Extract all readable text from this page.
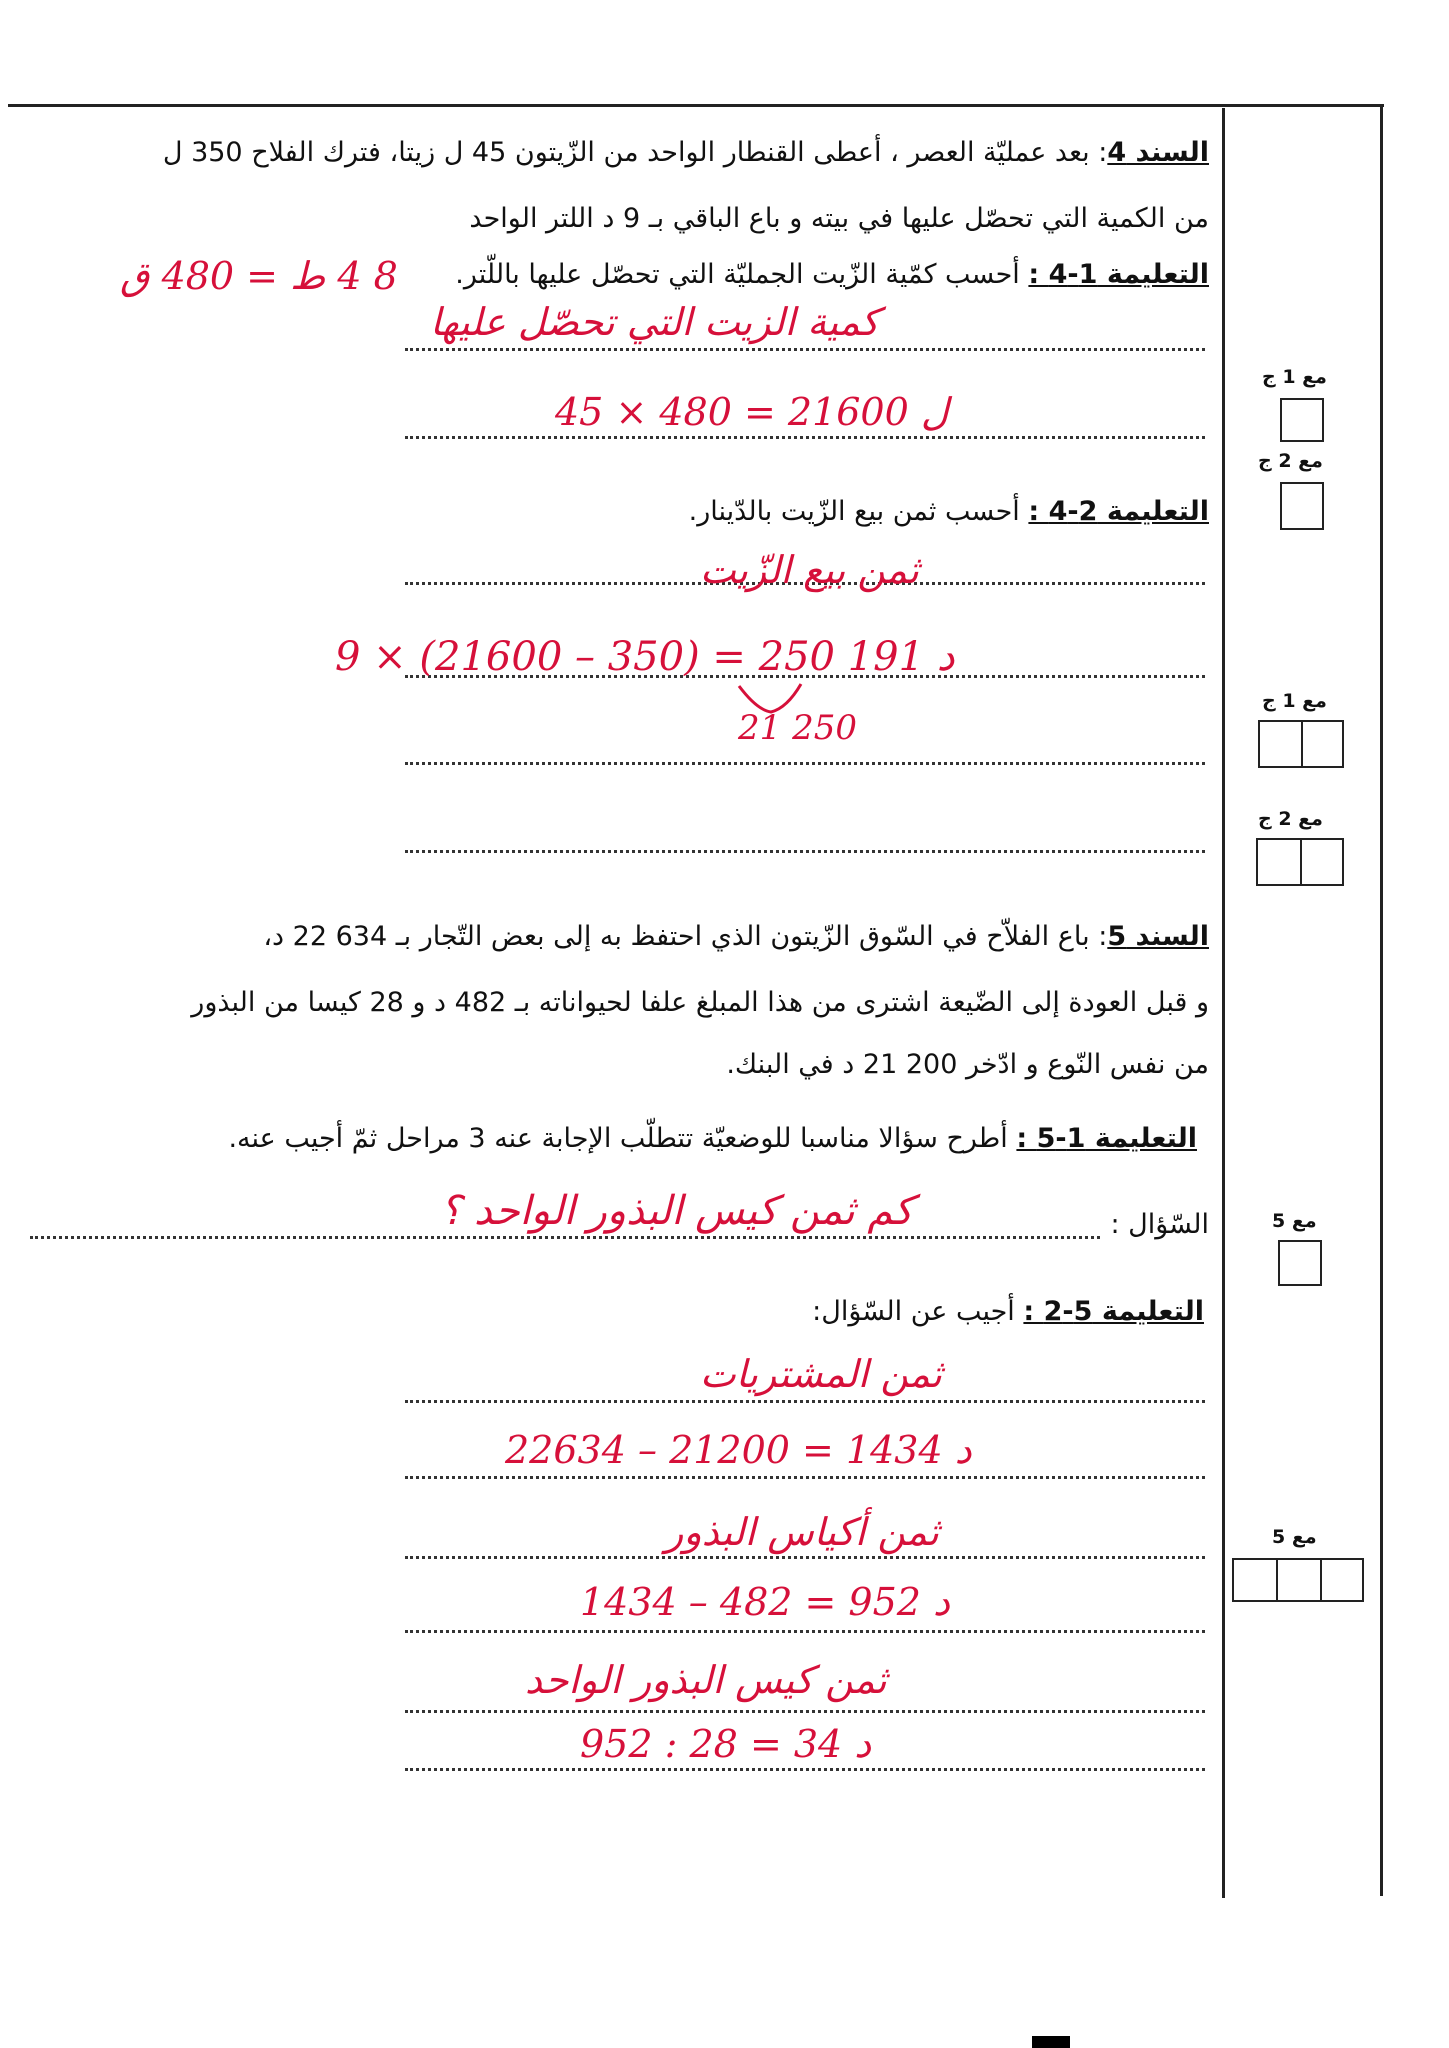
السند 4: بعد عمليّة العصر ، أعطى القنطار الواحد من الزّيتون 45 ل زيتا، فترك الفلاح 350 ل
من الكمية التي تحصّل عليها في بيته و باع الباقي بـ 9 د اللتر الواحد
التعليمة 1-4 : أحسب كمّية الزّيت الجمليّة التي تحصّل عليها باللّتر.
8 4 ط = 480 ق
كمية الزيت التي تحصّل عليها
ل 21600 = 480 × 45
التعليمة 2-4 : أحسب ثمن بيع الزّيت بالدّينار.
ثمن بيع الزّيت
د 191 250 = (350 – 21600) × 9
21 250
السند 5: باع الفلاّح في السّوق الزّيتون الذي احتفظ به إلى بعض التّجار بـ 634 22 د،
و قبل العودة إلى الضّيعة اشترى من هذا المبلغ علفا لحيواناته بـ 482 د و 28 كيسا من البذور
من نفس النّوع و ادّخر 200 21 د في البنك.
التعليمة 1-5 : أطرح سؤالا مناسبا للوضعيّة تتطلّب الإجابة عنه 3 مراحل ثمّ أجيب عنه.
السّؤال :
كم ثمن كيس البذور الواحد ؟
التعليمة 5-2 : أجيب عن السّؤال:
ثمن المشتريات
د 1434 = 21200 – 22634
ثمن أكياس البذور
د 952 = 482 – 1434
ثمن كيس البذور الواحد
د 34 = 28 : 952
مع 1 ج
مع 2 ج
مع 1 ج
مع 2 ج
مع 5
مع 5
